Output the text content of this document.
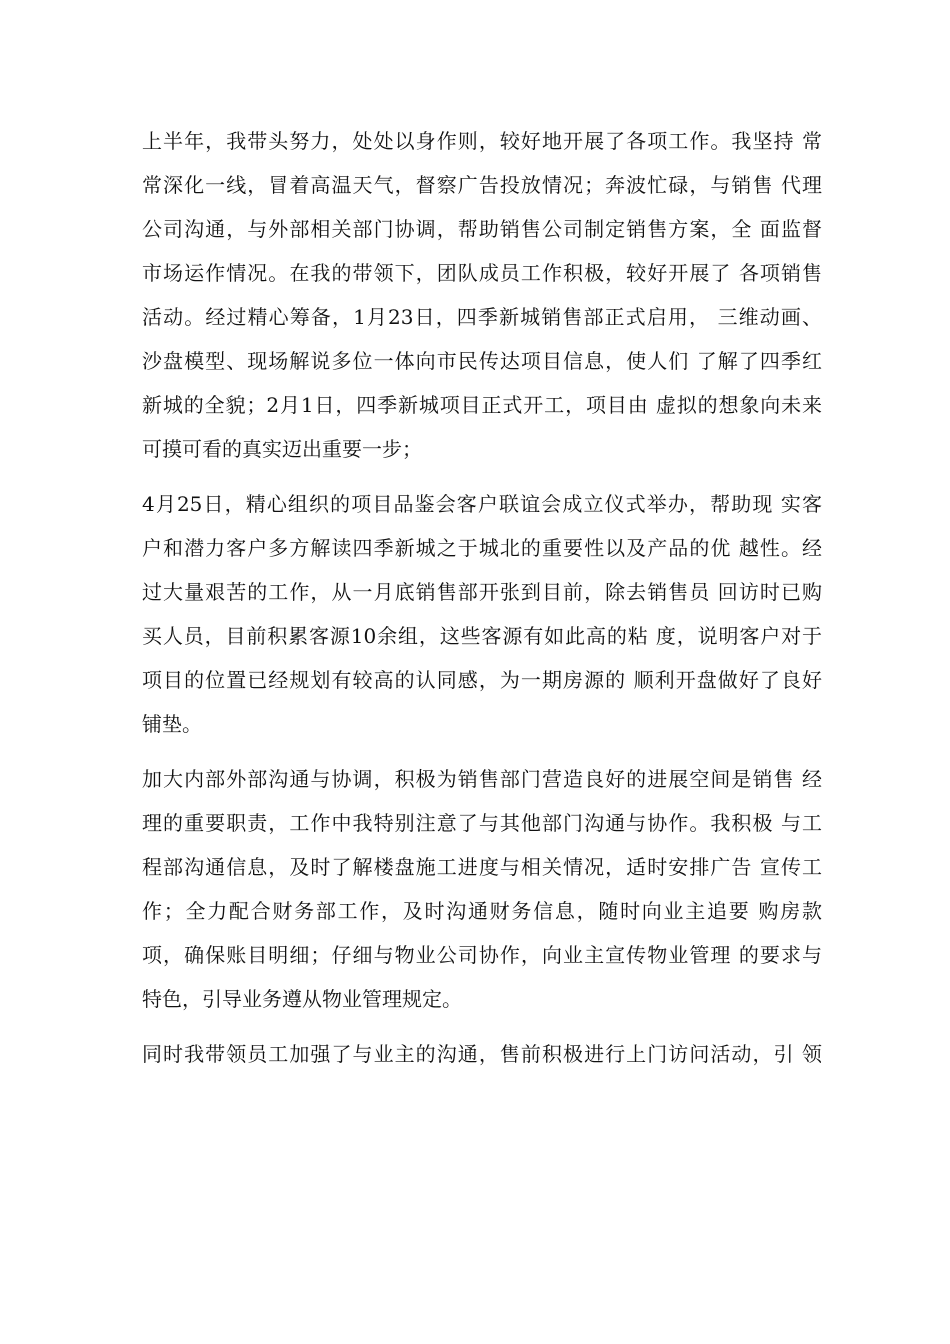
上半年，我带头努力，处处以身作则，较好地开展了各项工作。我坚持 常
常深化一线，冒着高温天气，督察广告投放情况；奔波忙碌，与销售 代理
公司沟通，与外部相关部门协调，帮助销售公司制定销售方案，全 面监督
市场运作情况。在我的带领下，团队成员工作积极，较好开展了 各项销售
活动。经过精心筹备，1月23日，四季新城销售部正式启用， 三维动画、
沙盘模型、现场解说多位一体向市民传达项目信息，使人们 了解了四季红
新城的全貌；2月1日，四季新城项目正式开工，项目由 虚拟的想象向未来
可摸可看的真实迈出重要一步；
4月25日，精心组织的项目品鉴会客户联谊会成立仪式举办，帮助现 实客
户和潜力客户多方解读四季新城之于城北的重要性以及产品的优 越性。经
过大量艰苦的工作，从一月底销售部开张到目前，除去销售员 回访时已购
买人员，目前积累客源10余组，这些客源有如此高的粘 度，说明客户对于
项目的位置已经规划有较高的认同感，为一期房源的 顺利开盘做好了良好
铺垫。
加大内部外部沟通与协调，积极为销售部门营造良好的进展空间是销售 经
理的重要职责，工作中我特别注意了与其他部门沟通与协作。我积极 与工
程部沟通信息，及时了解楼盘施工进度与相关情况，适时安排广告 宣传工
作；全力配合财务部工作，及时沟通财务信息，随时向业主追要 购房款
项，确保账目明细；仔细与物业公司协作，向业主宣传物业管理 的要求与
特色，引导业务遵从物业管理规定。
同时我带领员工加强了与业主的沟通，售前积极进行上门访问活动，引 领
